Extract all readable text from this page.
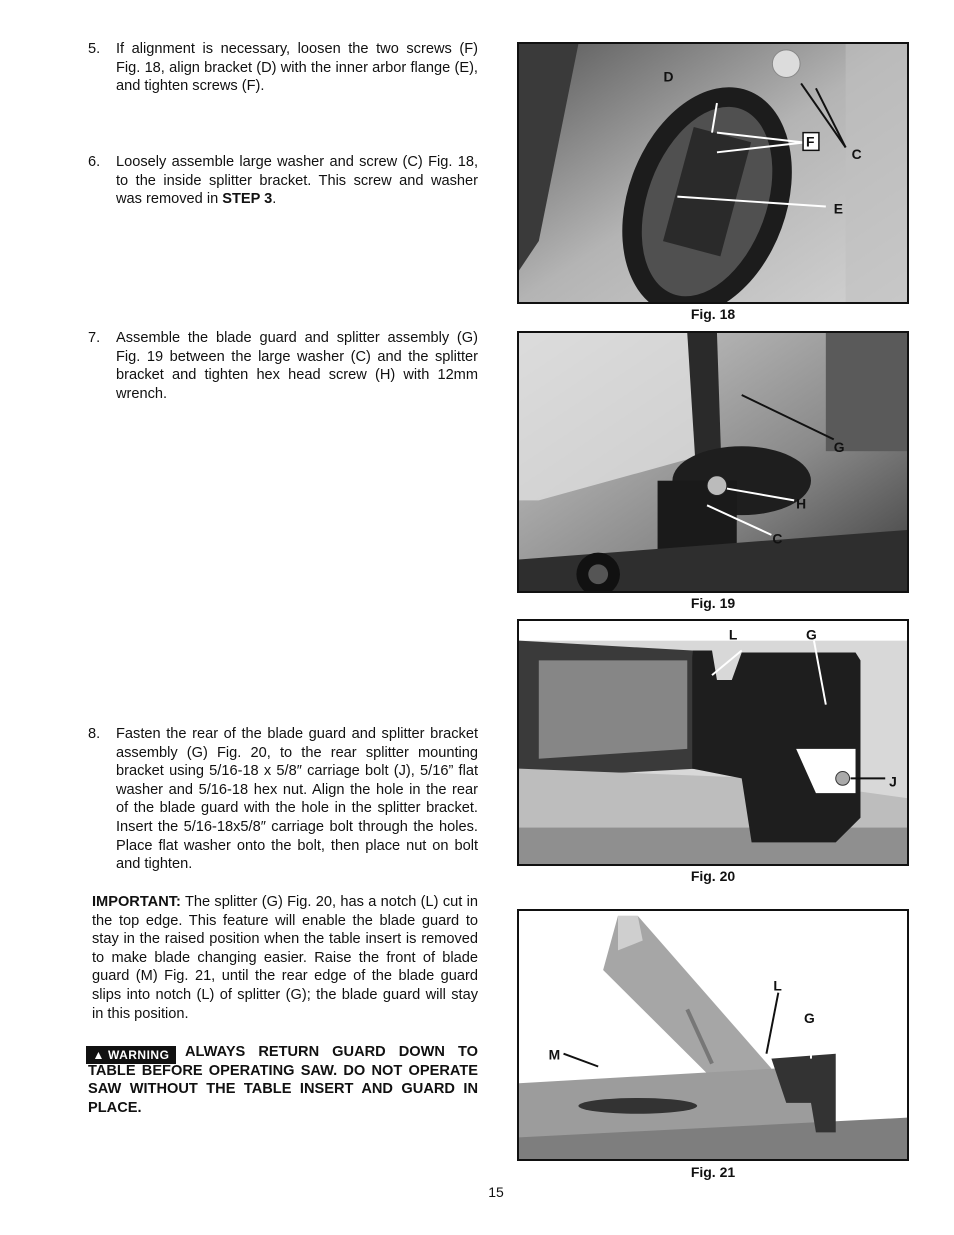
5. If alignment is necessary, loosen the two screws (F) Fig. 18, align bracket (D) with the inner arbor flange (E), and tighten screws (F).
6. Loosely assemble large washer and screw (C) Fig. 18, to the inside splitter bracket. This screw and washer was removed in STEP 3.
7. Assemble the blade guard and splitter assembly (G) Fig. 19 between the large washer (C) and the splitter bracket and tighten hex head screw (H) with 12mm wrench.
8. Fasten the rear of the blade guard and splitter bracket assembly (G) Fig. 20, to the rear splitter mounting bracket using 5/16-18 x 5/8″ carriage bolt (J), 5/16” flat washer and 5/16-18 hex nut. Align the hole in the rear of the blade guard with the hole in the splitter bracket. Insert the 5/16-18x5/8″ carriage bolt through the holes. Place flat washer onto the bolt, then place nut on bolt and tighten.
IMPORTANT: The splitter (G) Fig. 20, has a notch (L) cut in the top edge. This feature will enable the blade guard to stay in the raised position when the table insert is removed to make blade changing easier. Raise the front of blade guard (M) Fig. 21, until the rear edge of the blade guard slips into notch (L) of splitter (G); the blade guard will stay in this position.
▲ WARNING	ALWAYS RETURN GUARD DOWN TO TABLE BEFORE OPERATING SAW. DO NOT OPERATE SAW WITHOUT THE TABLE INSERT AND GUARD IN PLACE.
D
F
C
E
Fig. 18
G
H
C
Fig. 19
L	G
J
Fig. 20
M
L
G
Fig. 21
15
